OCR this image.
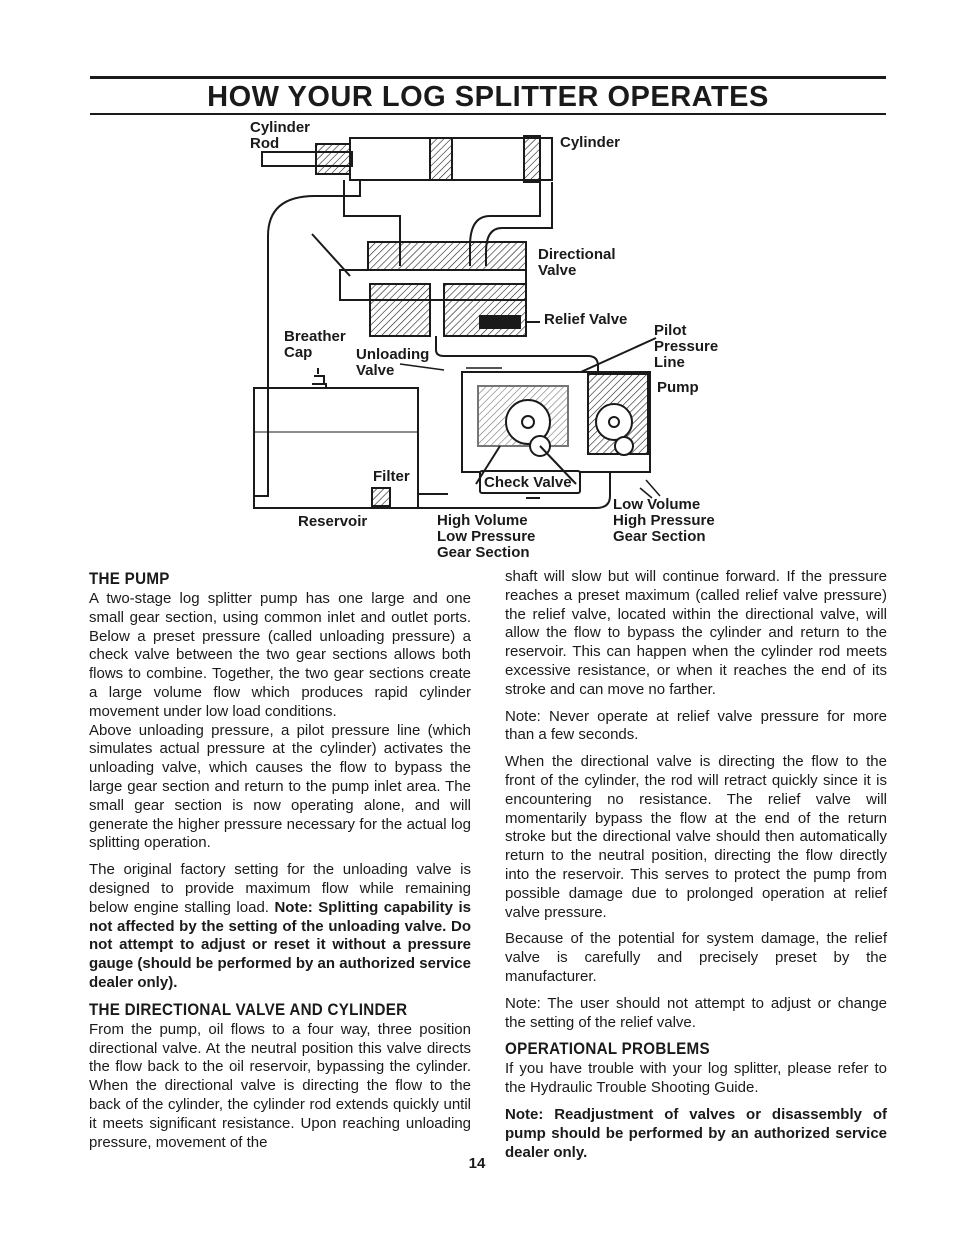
HOW YOUR LOG SPLITTER OPERATES
Cylinder
Rod	Cylinder
Directional
Valve
Relief Valve
Pilot
Pressure
Line
Breather
Cap	Unloading
Valve
Pump
Filter	Check Valve
Reservoir	High Volume
Low Pressure
Gear Section
Low Volume
High Pressure
Gear Section
THE PUMP

A two-stage log splitter pump has one large and one small gear section, using common inlet and outlet ports. Below a preset pressure (called unloading pressure) a check valve between the two gear sections allows both flows to combine. Together, the two gear sections create a large volume flow which produces rapid cylinder movement under low load conditions.

Above unloading pressure, a pilot pressure line (which simulates actual pressure at the cylinder) activates the unloading valve, which causes the flow to bypass the large gear section and return to the pump inlet area. The small gear section is now operating alone, and will generate the higher pressure necessary for the actual log splitting operation.

The original factory setting for the unloading valve is designed to provide maximum flow while remaining below engine stalling load. Note: Splitting capability is not affected by the setting of the unloading valve. Do not attempt to adjust or reset it without a pressure gauge (should be performed by an authorized service dealer only).

THE DIRECTIONAL VALVE AND CYLINDER

From the pump, oil flows to a four way, three position directional valve. At the neutral position this valve directs the flow back to the oil reservoir, bypassing the cylinder. When the directional valve is directing the flow to the back of the cylinder, the cylinder rod extends quickly until it meets significant resistance. Upon reaching unloading pressure, movement of the

shaft will slow but will continue forward. If the pressure reaches a preset maximum (called relief valve pressure) the relief valve, located within the directional valve, will allow the flow to bypass the cylinder and return to the reservoir. This can happen when the cylinder rod meets excessive resistance, or when it reaches the end of its stroke and can move no farther.

Note: Never operate at relief valve pressure for more than a few seconds.

When the directional valve is directing the flow to the front of the cylinder, the rod will retract quickly since it is encountering no resistance. The relief valve will momentarily bypass the flow at the end of the return stroke but the directional valve should then automatically return to the neutral position, directing the flow directly into the reservoir. This serves to protect the pump from possible damage due to prolonged operation at relief valve pressure.

Because of the potential for system damage, the relief valve is carefully and precisely preset by the manufacturer.

Note: The user should not attempt to adjust or change the setting of the relief valve.

OPERATIONAL PROBLEMS

If you have trouble with your log splitter, please refer to the Hydraulic Trouble Shooting Guide.

Note: Readjustment of valves or disassembly of pump should be performed by an authorized service dealer only.

14
